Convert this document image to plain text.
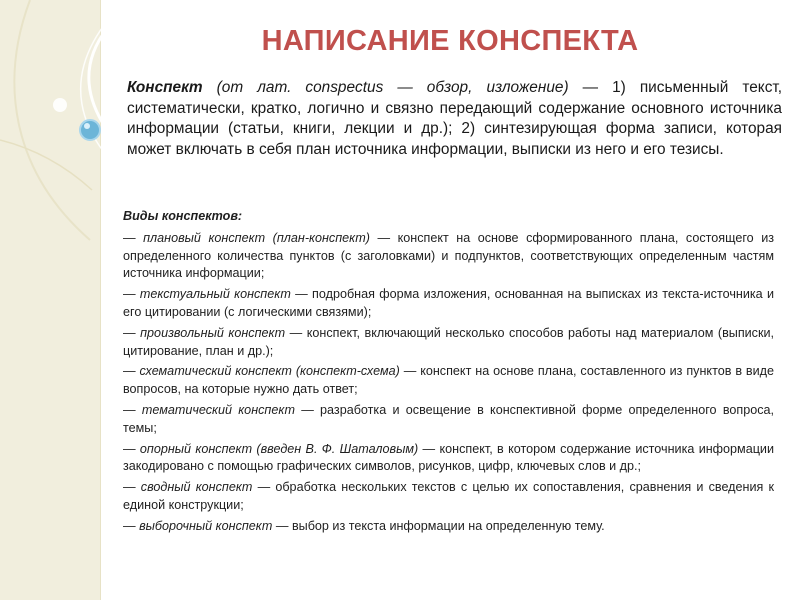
НАПИСАНИЕ КОНСПЕКТА
Конспект (от лат. conspectus — обзор, изложение) — 1) письменный текст, систематически, кратко, логично и связно передающий содержание основного источника информации (статьи, книги, лекции и др.); 2) синтезирующая форма записи, которая может включать в себя план источника информации, выписки из него и его тезисы.
Виды конспектов:
— плановый конспект (план-конспект) — конспект на основе сформированного плана, состоящего из определенного количества пунктов (с заголовками) и подпунктов, соответствующих определенным частям источника информации;
— текстуальный конспект — подробная форма изложения, основанная на выписках из текста-источника и его цитировании (с логическими связями);
— произвольный конспект — конспект, включающий несколько способов работы над материалом (выписки, цитирование, план и др.);
— схематический конспект (конспект-схема) — конспект на основе плана, составленного из пунктов в виде вопросов, на которые нужно дать ответ;
— тематический конспект — разработка и освещение в конспективной форме определенного вопроса, темы;
— опорный конспект (введен В. Ф. Шаталовым) — конспект, в котором содержание источника информации закодировано с помощью графических символов, рисунков, цифр, ключевых слов и др.;
— сводный конспект — обработка нескольких текстов с целью их сопоставления, сравнения и сведения к единой конструкции;
— выборочный конспект — выбор из текста информации на определенную тему.
